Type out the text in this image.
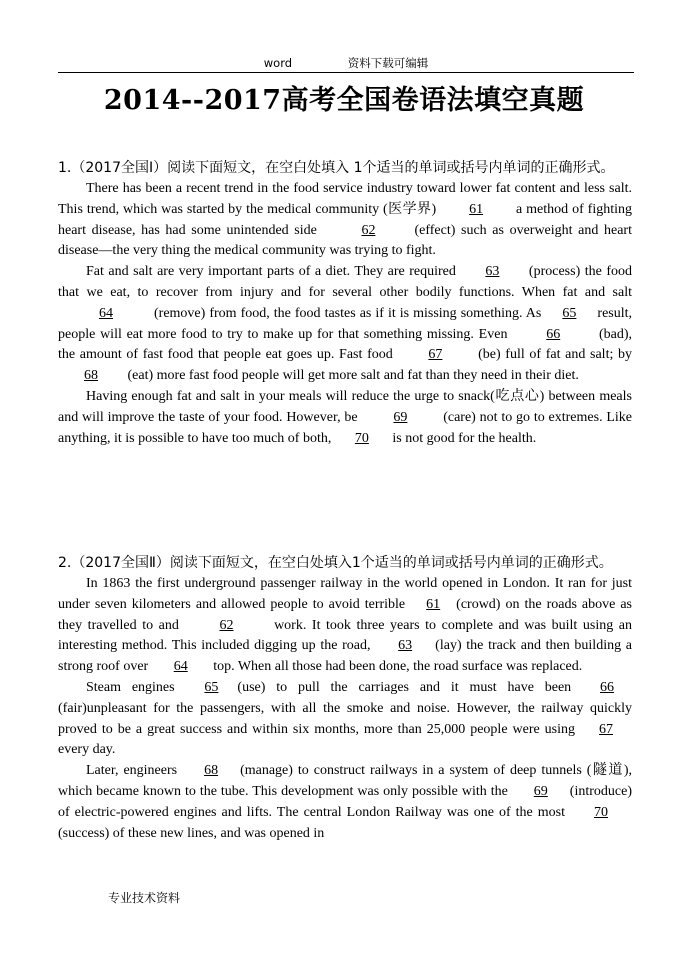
word	资料下载可编辑
2014--2017高考全国卷语法填空真题

1.（2017全国Ⅰ）阅读下面短文，在空白处填入 1个适当的单词或括号内单词的正确形式。

There has been a recent trend in the food service industry toward lower fat content and less salt. This trend, which was started by the medical community (医学界) 61 a method of fighting heart disease, has had some unintended side	62	(effect) such as overweight and heart disease—the very thing the medical community was trying to fight.

Fat and salt are very important parts of a diet. They are required 63 (process) the food that we eat, to recover from injury and for several other bodily functions. When fat and salt 64	(remove) from food, the food tastes as if it is missing something. As 65 result, people will eat more food to try to make up for that something missing. Even	66	(bad), the amount of fast food that people eat goes up. Fast food	67	(be) full of fat and salt; by 68 (eat) more fast food people will get more salt and fat than they need in their diet.

Having enough fat and salt in your meals will reduce the urge to snack(吃点心) between meals and will improve the taste of your food. However, be	69	(care) not to go to extremes. Like anything, it is possible to have too much of both, 70 is not good for the health.

2.（2017全国Ⅱ）阅读下面短文，在空白处填入1个适当的单词或括号内单词的正确形式。

In 1863 the first underground passenger railway in the world opened in London. It ran for just under seven kilometers and allowed people to avoid terrible 61 (crowd) on the roads above as they travelled to and	62	work. It took three years to complete and was built using an interesting method. This included digging up the road, 63 (lay) the track and then building a strong roof over 64 top. When all those had been done, the road surface was replaced.

Steam engines 65 (use) to pull the carriages and it must have been 66(fair)unpleasant for the passengers, with all the smoke and noise. However, the railway quickly proved to be a great success and within six months, more than 25,000 people were using 67 every day.

Later, engineers 68 (manage) to construct railways in a system of deep tunnels (隧道), which became known to the tube. This development was only possible with the 69 (introduce) of electric-powered engines and lifts. The central London Railway was one of the most 70(success) of these new lines, and was opened in

专业技术资料
